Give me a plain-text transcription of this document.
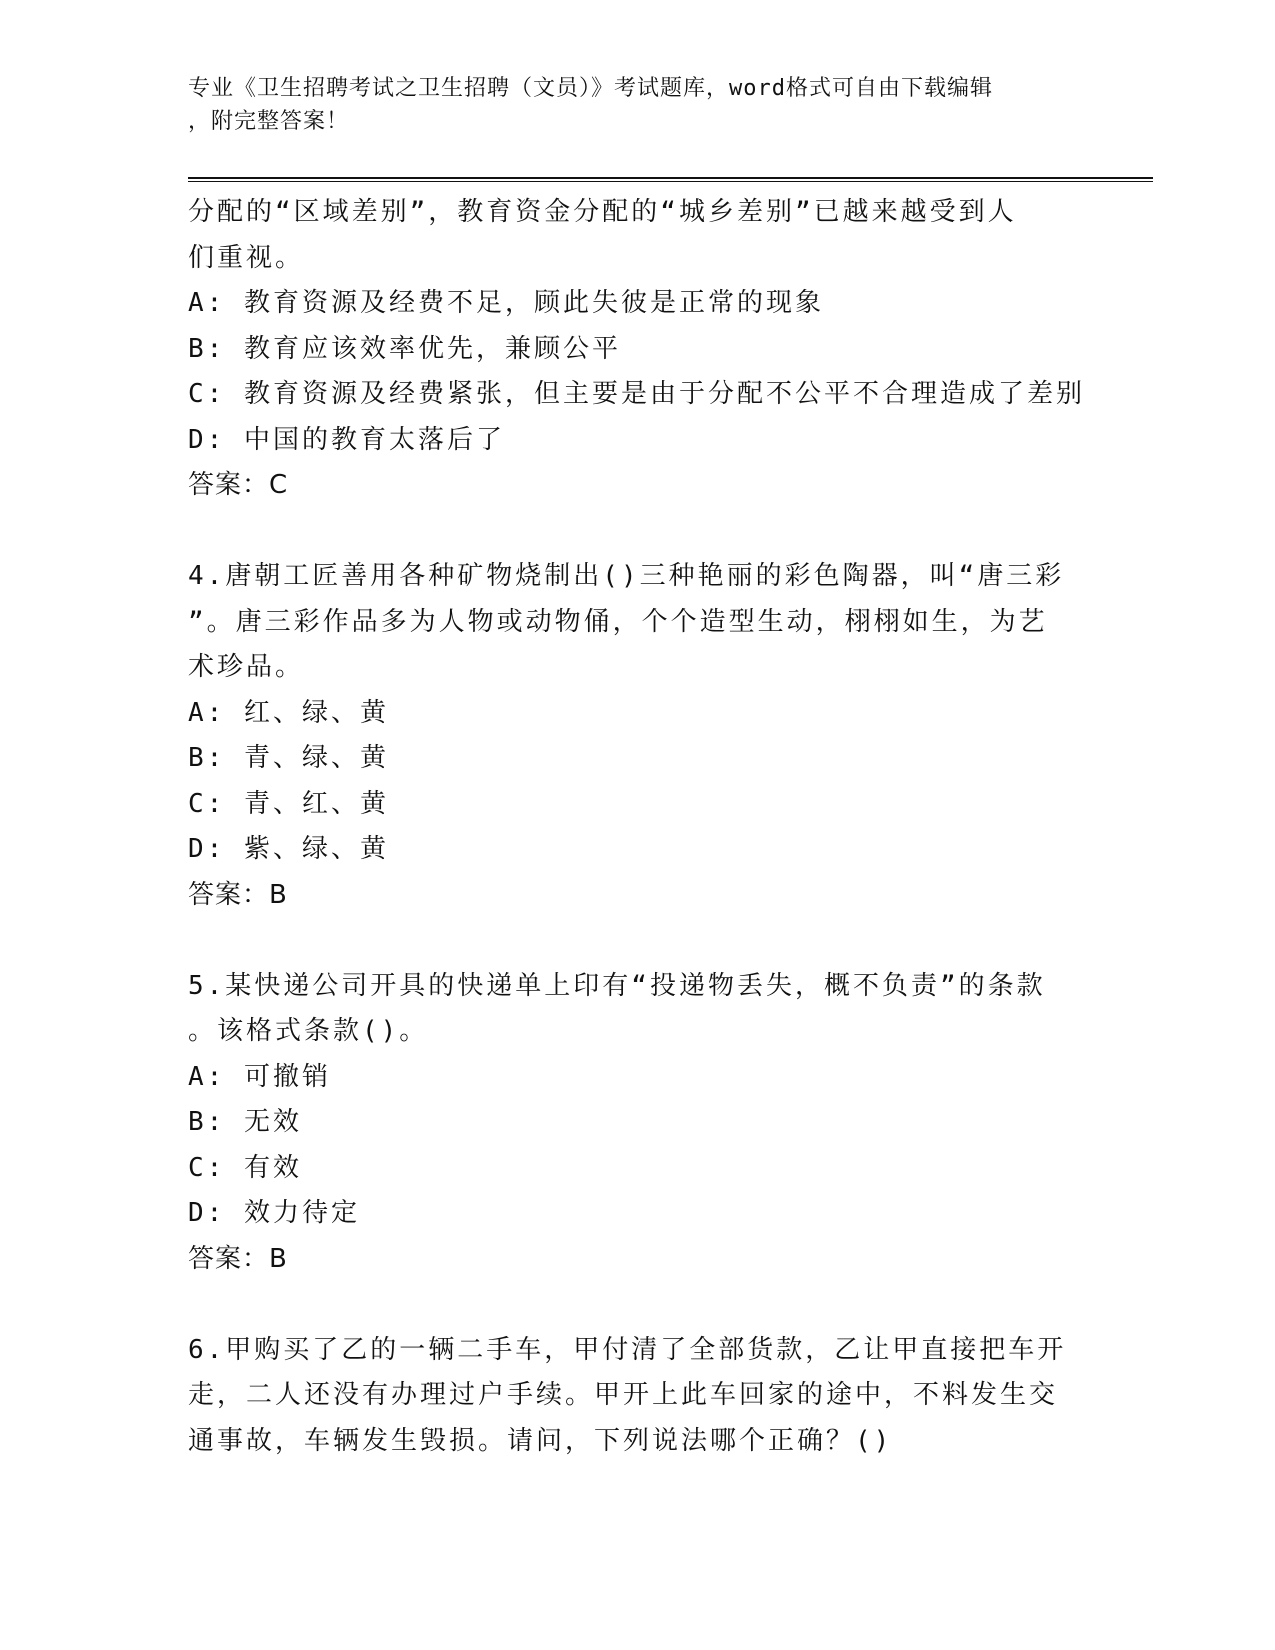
专业《卫生招聘考试之卫生招聘（文员）》考试题库，word格式可自由下载编辑
，附完整答案！
分配的“区域差别”，教育资金分配的“城乡差别”已越来越受到人
们重视。
A: 教育资源及经费不足，顾此失彼是正常的现象
B: 教育应该效率优先，兼顾公平
C: 教育资源及经费紧张，但主要是由于分配不公平不合理造成了差别
D: 中国的教育太落后了
答案：C
4.唐朝工匠善用各种矿物烧制出()三种艳丽的彩色陶器，叫“唐三彩
”。唐三彩作品多为人物或动物俑，个个造型生动，栩栩如生，为艺
术珍品。
A: 红、绿、黄
B: 青、绿、黄
C: 青、红、黄
D: 紫、绿、黄
答案：B
5.某快递公司开具的快递单上印有“投递物丢失，概不负责”的条款
。该格式条款()。
A: 可撤销
B: 无效
C: 有效
D: 效力待定
答案：B
6.甲购买了乙的一辆二手车，甲付清了全部货款，乙让甲直接把车开
走，二人还没有办理过户手续。甲开上此车回家的途中，不料发生交
通事故，车辆发生毁损。请问，下列说法哪个正确？()
